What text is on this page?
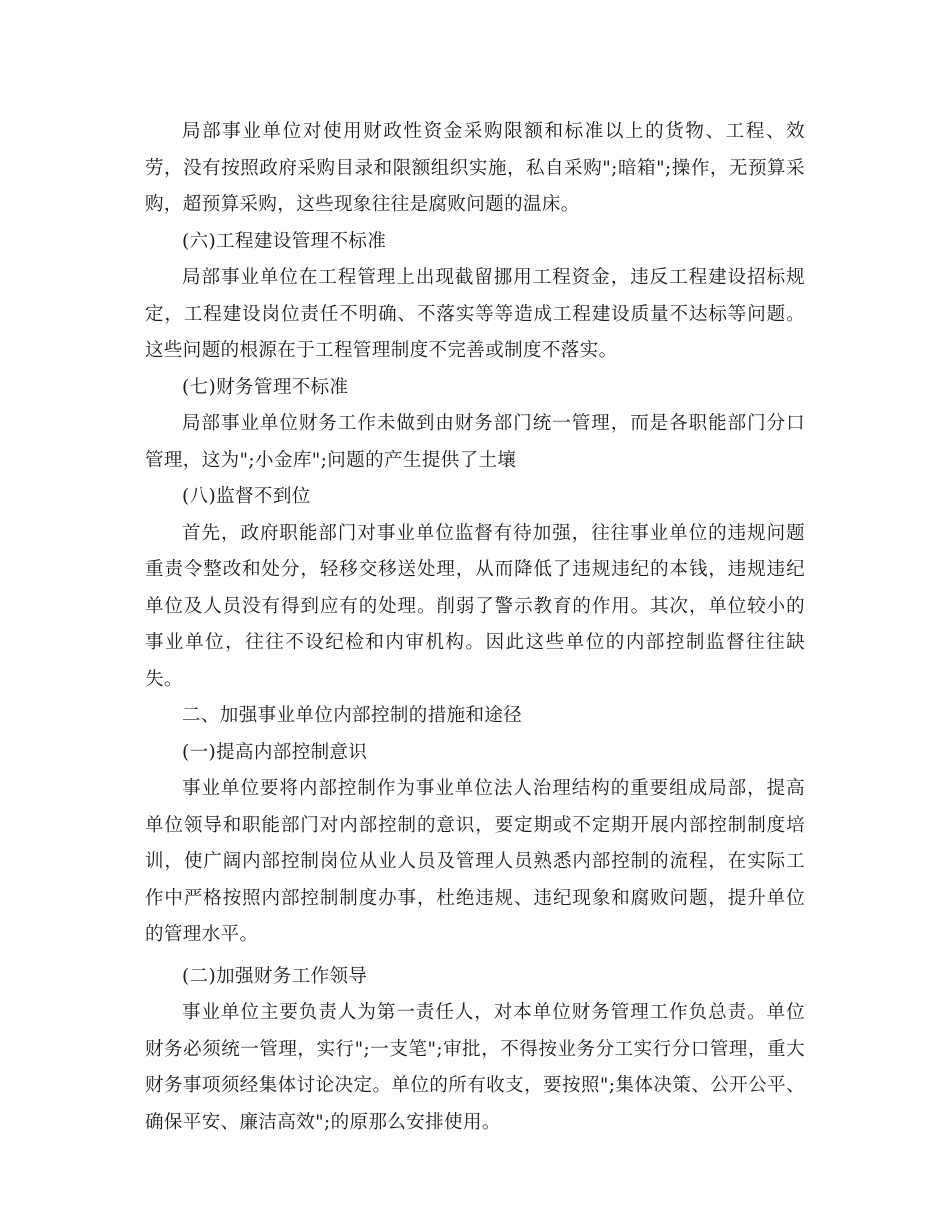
局部事业单位对使用财政性资金采购限额和标准以上的货物、工程、效劳，没有按照政府采购目录和限额组织实施，私自采购";暗箱";操作，无预算采购，超预算采购，这些现象往往是腐败问题的温床。

(六)工程建设管理不标准

局部事业单位在工程管理上出现截留挪用工程资金，违反工程建设招标规定，工程建设岗位责任不明确、不落实等等造成工程建设质量不达标等问题。这些问题的根源在于工程管理制度不完善或制度不落实。

(七)财务管理不标准

局部事业单位财务工作未做到由财务部门统一管理，而是各职能部门分口管理，这为";小金库";问题的产生提供了土壤

(八)监督不到位

首先，政府职能部门对事业单位监督有待加强，往往事业单位的违规问题重责令整改和处分，轻移交移送处理，从而降低了违规违纪的本钱，违规违纪单位及人员没有得到应有的处理。削弱了警示教育的作用。其次，单位较小的事业单位，往往不设纪检和内审机构。因此这些单位的内部控制监督往往缺失。

二、加强事业单位内部控制的措施和途径

(一)提高内部控制意识

事业单位要将内部控制作为事业单位法人治理结构的重要组成局部，提高单位领导和职能部门对内部控制的意识，要定期或不定期开展内部控制制度培训，使广阔内部控制岗位从业人员及管理人员熟悉内部控制的流程，在实际工作中严格按照内部控制制度办事，杜绝违规、违纪现象和腐败问题，提升单位的管理水平。

(二)加强财务工作领导

事业单位主要负责人为第一责任人，对本单位财务管理工作负总责。单位财务必须统一管理，实行";一支笔";审批，不得按业务分工实行分口管理，重大财务事项须经集体讨论决定。单位的所有收支，要按照";集体决策、公开公平、确保平安、廉洁高效";的原那么安排使用。
